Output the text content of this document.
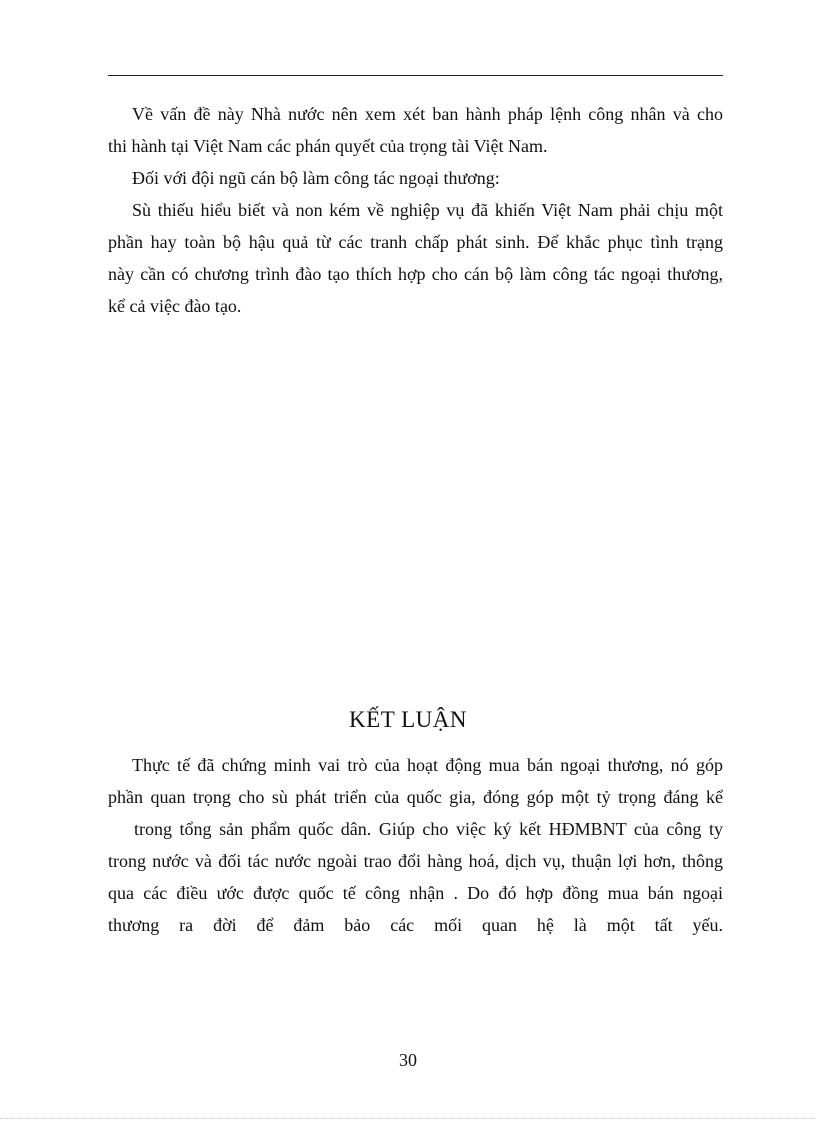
Về vấn đề này Nhà nước nên xem xét ban hành pháp lệnh công nhân và cho
thi hành tại Việt Nam các phán quyết của trọng tài Việt Nam.
Đối với đội ngũ cán bộ làm công tác ngoại thương:
Sù thiếu hiểu biết và non kém về nghiệp vụ đã khiến Việt Nam phải chịu một
phần hay toàn bộ hậu quả từ các tranh chấp phát sinh. Để khắc phục tình trạng
này cần có chương trình đào tạo thích hợp cho cán bộ làm công tác ngoại thương,
kể cả việc đào tạo.
KẾT LUẬN
Thực tế đã chứng minh vai trò của hoạt động mua bán ngoại thương, nó góp
phần quan trọng cho sù phát triển của quốc gia, đóng góp một tỷ trọng đáng kể
trong tổng sản phẩm quốc dân. Giúp cho việc ký kết HĐMBNT của công ty
trong nước và đối tác nước ngoài trao đổi hàng hoá, dịch vụ, thuận lợi hơn, thông
qua các điều ước được quốc tế công nhận . Do đó hợp đồng mua bán ngoại
thương ra đời để đảm bảo các mối quan hệ là một tất yếu.
30
